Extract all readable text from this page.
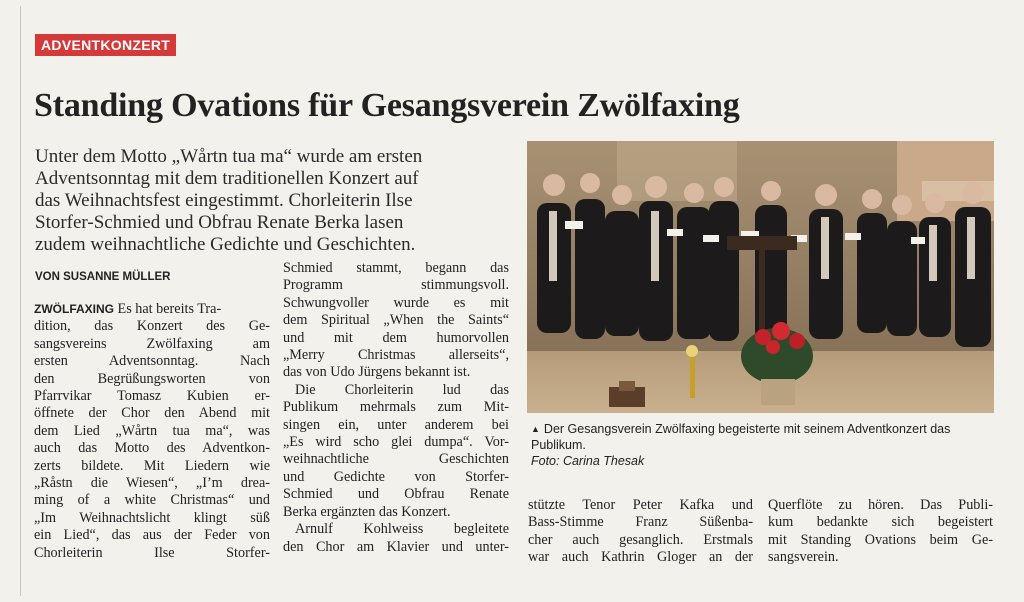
ADVENTKONZERT
Standing Ovations für Gesangsverein Zwölfaxing

Unter dem Motto „Wårtn tua ma“ wurde am ersten
Adventsonntag mit dem traditionellen Konzert auf
das Weihnachtsfest eingestimmt. Chorleiterin Ilse
Storfer-Schmied und Obfrau Renate Berka lasen
zudem weihnachtliche Gedichte und Geschichten.

VON SUSANNE MÜLLER
ZWÖLFAXING Es hat bereits Tra-
dition, das Konzert des Ge-
sangsvereins Zwölfaxing am
ersten Adventsonntag. Nach
den Begrüßungsworten von
Pfarrvikar Tomasz Kubien er-
öffnete der Chor den Abend mit
dem Lied „Wårtn tua ma“, was
auch das Motto des Adventkon-
zerts bildete. Mit Liedern wie
„Råstn die Wiesen“, „I’m drea-
ming of a white Christmas“ und
„Im Weihnachtslicht klingt süß
ein Lied“, das aus der Feder von
Chorleiterin Ilse Storfer-
Schmied stammt, begann das
Programm stimmungsvoll.
Schwungvoller wurde es mit
dem Spiritual „When the Saints“
und mit dem humorvollen
„Merry Christmas allerseits“,
das von Udo Jürgens bekannt ist.
Die Chorleiterin lud das
Publikum mehrmals zum Mit-
singen ein, unter anderem bei
„Es wird scho glei dumpa“. Vor-
weihnachtliche Geschichten
und Gedichte von Storfer-
Schmied und Obfrau Renate
Berka ergänzten das Konzert.
Arnulf Kohlweiss begleitete
den Chor am Klavier und unter-
▲ Der Gesangsverein Zwölfaxing begeisterte mit seinem Adventkonzert das
Publikum.
Foto: Carina Thesak
stützte Tenor Peter Kafka und
Bass-Stimme Franz Süßenba-
cher auch gesanglich. Erstmals
war auch Kathrin Gloger an der
Querflöte zu hören. Das Publi-
kum bedankte sich begeistert
mit Standing Ovations beim Ge-
sangsverein.
